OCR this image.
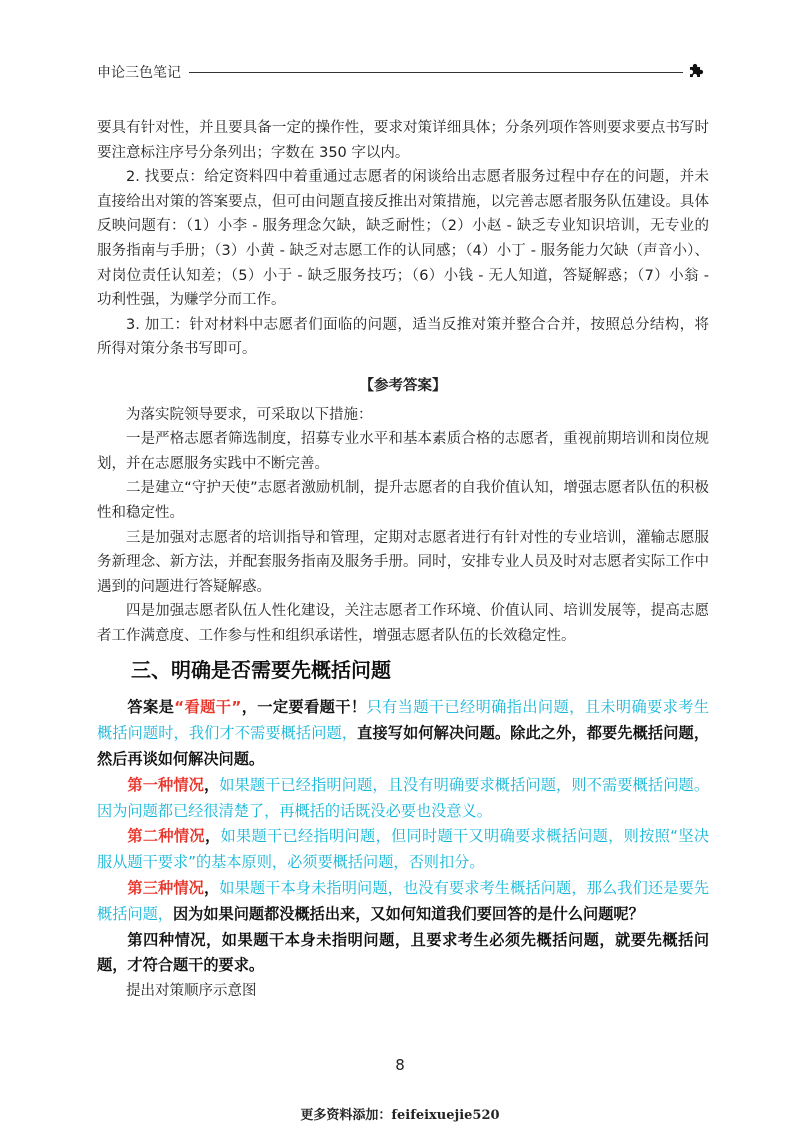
申论三色笔记

要具有针对性，并且要具备一定的操作性，要求对策详细具体；分条列项作答则要求要点书写时要注意标注序号分条列出；字数在 350 字以内。

2. 找要点：给定资料四中着重通过志愿者的闲谈给出志愿者服务过程中存在的问题，并未直接给出对策的答案要点，但可由问题直接反推出对策措施，以完善志愿者服务队伍建设。具体反映问题有：（1）小李 - 服务理念欠缺，缺乏耐性；（2）小赵 - 缺乏专业知识培训，无专业的服务指南与手册；（3）小黄 - 缺乏对志愿工作的认同感；（4）小丁 - 服务能力欠缺（声音小）、对岗位责任认知差；（5）小于 - 缺乏服务技巧；（6）小钱 - 无人知道，答疑解惑；（7）小翁 - 功利性强，为赚学分而工作。

3. 加工：针对材料中志愿者们面临的问题，适当反推对策并整合合并，按照总分结构，将所得对策分条书写即可。

【参考答案】

为落实院领导要求，可采取以下措施：

一是严格志愿者筛选制度，招募专业水平和基本素质合格的志愿者，重视前期培训和岗位规划，并在志愿服务实践中不断完善。

二是建立“守护天使”志愿者激励机制，提升志愿者的自我价值认知，增强志愿者队伍的积极性和稳定性。

三是加强对志愿者的培训指导和管理，定期对志愿者进行有针对性的专业培训，灌输志愿服务新理念、新方法，并配套服务指南及服务手册。同时，安排专业人员及时对志愿者实际工作中遇到的问题进行答疑解惑。

四是加强志愿者队伍人性化建设，关注志愿者工作环境、价值认同、培训发展等，提高志愿者工作满意度、工作参与性和组织承诺性，增强志愿者队伍的长效稳定性。

三、明确是否需要先概括问题

答案是“看题干”，一定要看题干！只有当题干已经明确指出问题，且未明确要求考生概括问题时，我们才不需要概括问题，直接写如何解决问题。除此之外，都要先概括问题，然后再谈如何解决问题。

第一种情况，如果题干已经指明问题，且没有明确要求概括问题，则不需要概括问题。因为问题都已经很清楚了，再概括的话既没必要也没意义。

第二种情况，如果题干已经指明问题，但同时题干又明确要求概括问题，则按照“坚决服从题干要求”的基本原则，必须要概括问题，否则扣分。

第三种情况，如果题干本身未指明问题，也没有要求考生概括问题，那么我们还是要先概括问题，因为如果问题都没概括出来，又如何知道我们要回答的是什么问题呢？

第四种情况，如果题干本身未指明问题，且要求考生必须先概括问题，就要先概括问题，才符合题干的要求。

提出对策顺序示意图

8
更多资料添加：feifeixuejie520
